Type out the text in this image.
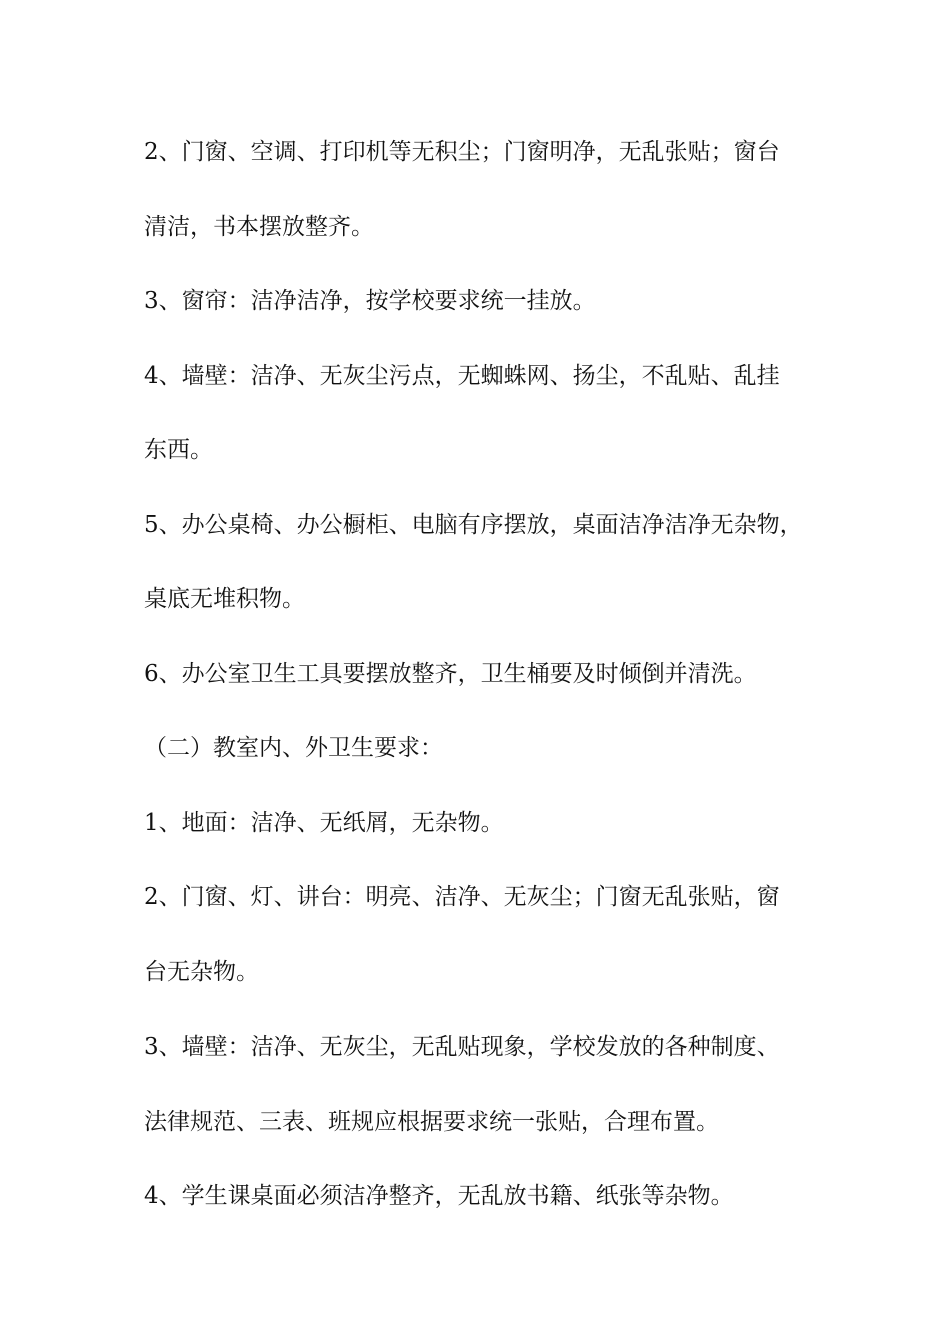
2、门窗、空调、打印机等无积尘；门窗明净，无乱张贴；窗台

清洁，书本摆放整齐。

3、窗帘：洁净洁净，按学校要求统一挂放。

4、墙壁：洁净、无灰尘污点，无蜘蛛网、扬尘，不乱贴、乱挂

东西。

5、办公桌椅、办公橱柜、电脑有序摆放，桌面洁净洁净无杂物，

桌底无堆积物。

6、办公室卫生工具要摆放整齐，卫生桶要及时倾倒并清洗。

（二）教室内、外卫生要求：

1、地面：洁净、无纸屑，无杂物。

2、门窗、灯、讲台：明亮、洁净、无灰尘；门窗无乱张贴，窗

台无杂物。

3、墙壁：洁净、无灰尘，无乱贴现象，学校发放的各种制度、

法律规范、三表、班规应根据要求统一张贴，合理布置。

4、学生课桌面必须洁净整齐，无乱放书籍、纸张等杂物。
